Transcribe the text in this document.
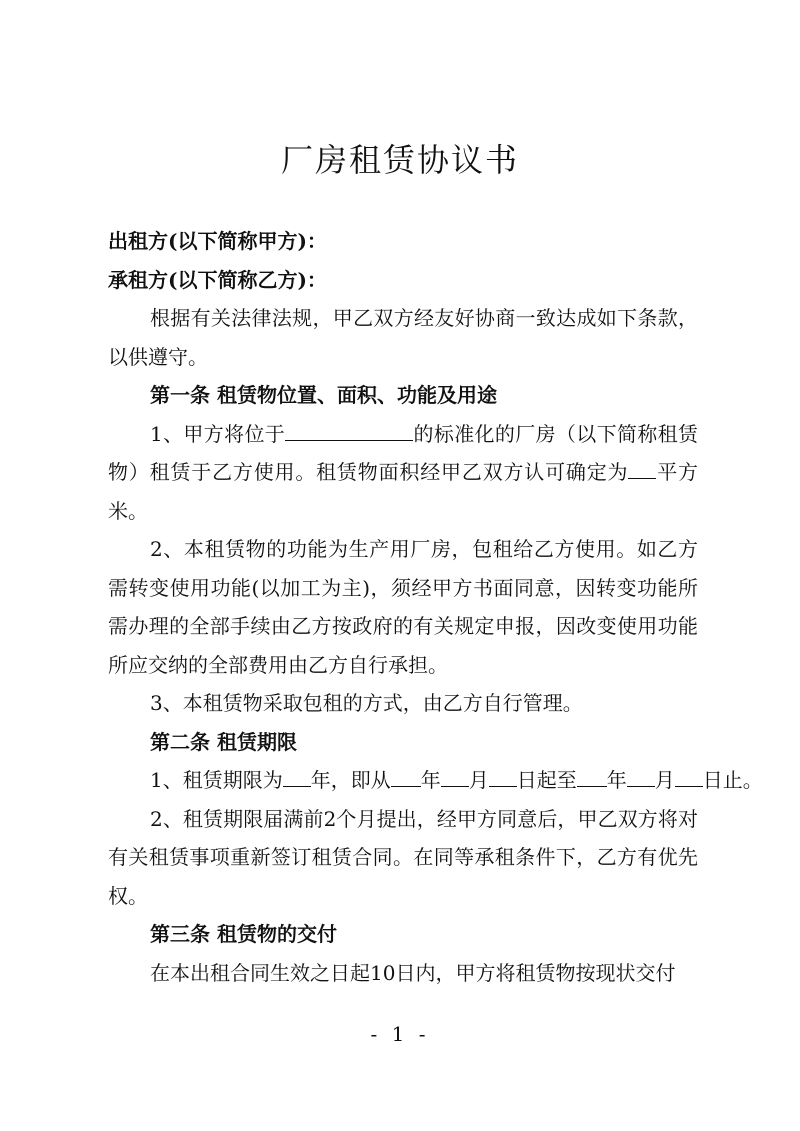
厂房租赁协议书

出租方(以下简称甲方)：

承租方(以下简称乙方)：

根据有关法律法规，甲乙双方经友好协商一致达成如下条款，以供遵守。

第一条 租赁物位置、面积、功能及用途

1、甲方将位于	的标准化的厂房（以下简称租赁物）租赁于乙方使用。租赁物面积经甲乙双方认可确定为 平方米。

2、本租赁物的功能为生产用厂房，包租给乙方使用。如乙方需转变使用功能(以加工为主)，须经甲方书面同意，因转变功能所需办理的全部手续由乙方按政府的有关规定申报，因改变使用功能所应交纳的全部费用由乙方自行承担。

3、本租赁物采取包租的方式，由乙方自行管理。

第二条 租赁期限

1、租赁期限为 年，即从 年 月 日起至 年 月 日止。

2、租赁期限届满前2个月提出，经甲方同意后，甲乙双方将对有关租赁事项重新签订租赁合同。在同等承租条件下，乙方有优先权。

第三条 租赁物的交付

在本出租合同生效之日起10日内，甲方将租赁物按现状交付

- 1 -
